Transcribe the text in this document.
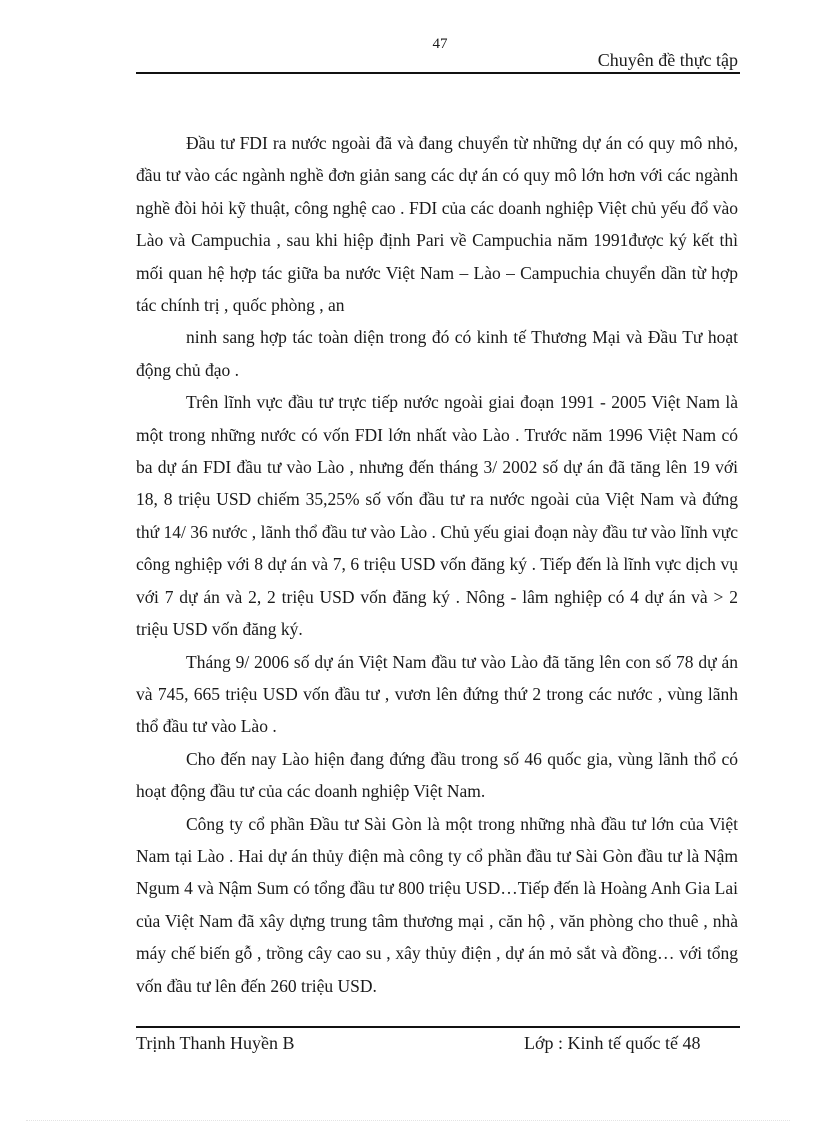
47
Chuyên đề thực tập

Đầu tư FDI ra nước ngoài đã và đang chuyển từ những dự án có quy mô nhỏ, đầu tư vào các ngành nghề đơn giản sang các dự án có quy mô lớn hơn với các ngành nghề đòi hỏi kỹ thuật, công nghệ cao . FDI của các doanh nghiệp Việt chủ yếu đổ vào Lào và Campuchia , sau khi hiệp định Pari về Campuchia năm 1991được ký kết thì mối quan hệ hợp tác giữa ba nước Việt Nam – Lào – Campuchia chuyển dần từ hợp tác chính trị , quốc phòng , an

ninh sang hợp tác toàn diện trong đó có kinh tế Thương Mại và Đầu Tư hoạt động chủ đạo .

Trên lĩnh vực đầu tư trực tiếp nước ngoài giai đoạn 1991 - 2005 Việt Nam là một trong những nước có vốn FDI lớn nhất vào Lào . Trước năm 1996 Việt Nam có ba dự án FDI đầu tư vào Lào , nhưng đến tháng 3/ 2002 số dự án đã tăng lên 19 với 18, 8 triệu USD chiếm 35,25% số vốn đầu tư ra nước ngoài của Việt Nam và đứng thứ 14/ 36 nước , lãnh thổ đầu tư vào Lào . Chủ yếu giai đoạn này đầu tư vào lĩnh vực công nghiệp với 8 dự án và 7, 6 triệu USD vốn đăng ký . Tiếp đến là lĩnh vực dịch vụ với 7 dự án và 2, 2 triệu USD vốn đăng ký . Nông - lâm nghiệp có 4 dự án và > 2 triệu USD vốn đăng ký.

Tháng 9/ 2006 số dự án Việt Nam đầu tư vào Lào đã tăng lên con số 78 dự án và 745, 665 triệu USD vốn đầu tư , vươn lên đứng thứ 2 trong các nước , vùng lãnh thổ đầu tư vào Lào .

Cho đến nay Lào hiện đang đứng đầu trong số 46 quốc gia, vùng lãnh thổ có hoạt động đầu tư của các doanh nghiệp Việt Nam.

Công ty cổ phần Đầu tư Sài Gòn là một trong những nhà đầu tư lớn của Việt Nam tại Lào . Hai dự án thủy điện mà công ty cổ phần đầu tư Sài Gòn đầu tư là Nậm Ngum 4 và Nậm Sum có tổng đầu tư 800 triệu USD…Tiếp đến là Hoàng Anh Gia Lai của Việt Nam đã xây dựng trung tâm thương mại , căn hộ , văn phòng cho thuê , nhà máy chế biến gỗ , trồng cây cao su , xây thủy điện , dự án mỏ sắt và đồng… với tổng vốn đầu tư lên đến 260 triệu USD.

Trịnh Thanh Huyền B	Lớp : Kinh tế quốc tế 48
